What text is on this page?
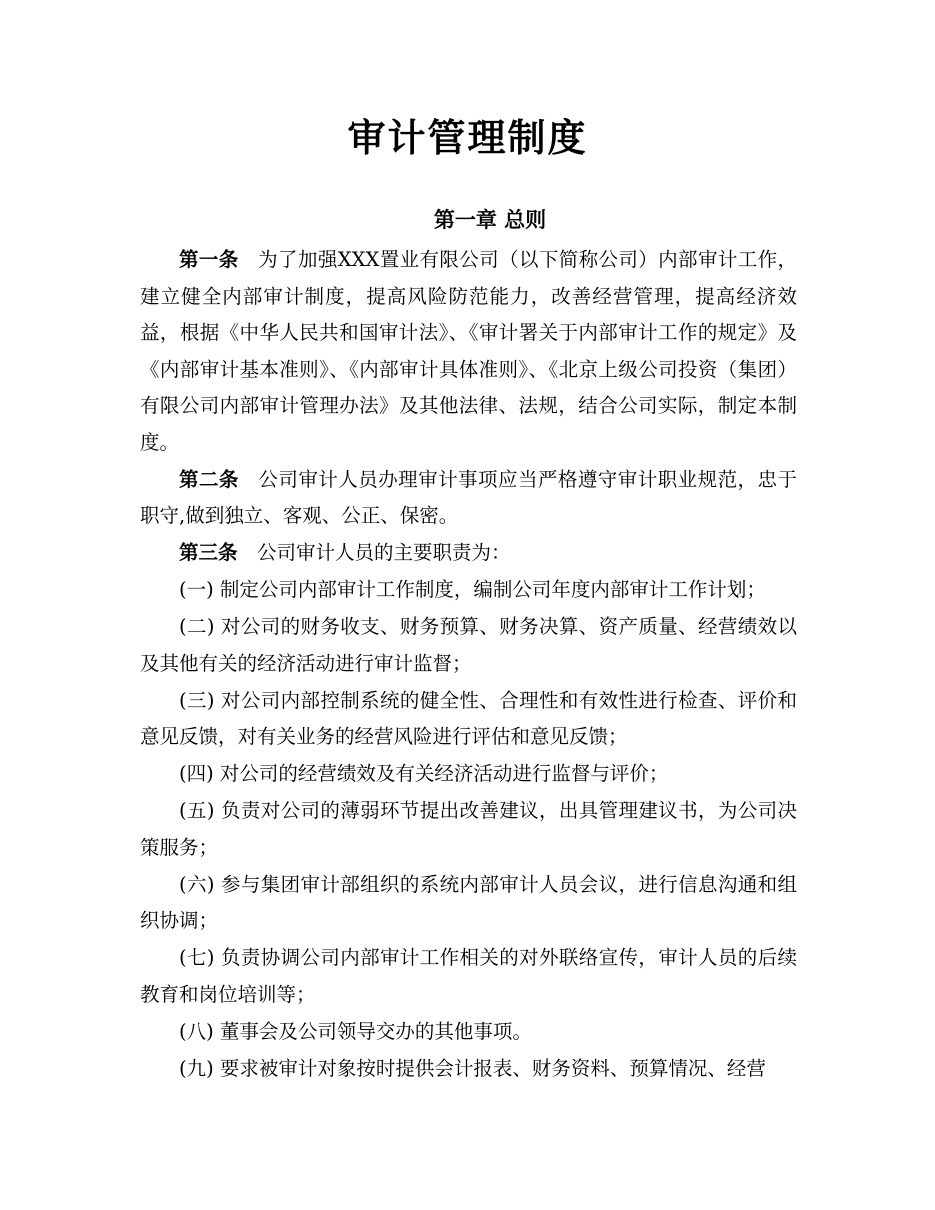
审计管理制度
第一章 总则

第一条 为了加强XXX置业有限公司（以下简称公司）内部审计工作，建立健全内部审计制度，提高风险防范能力，改善经营管理，提高经济效益，根据《中华人民共和国审计法》、《审计署关于内部审计工作的规定》及《内部审计基本准则》、《内部审计具体准则》、《北京上级公司投资（集团）有限公司内部审计管理办法》及其他法律、法规，结合公司实际，制定本制度。

第二条 公司审计人员办理审计事项应当严格遵守审计职业规范，忠于职守,做到独立、客观、公正、保密。

第三条 公司审计人员的主要职责为：

(一) 制定公司内部审计工作制度，编制公司年度内部审计工作计划；

(二) 对公司的财务收支、财务预算、财务决算、资产质量、经营绩效以及其他有关的经济活动进行审计监督；

(三) 对公司内部控制系统的健全性、合理性和有效性进行检查、评价和意见反馈，对有关业务的经营风险进行评估和意见反馈；

(四) 对公司的经营绩效及有关经济活动进行监督与评价；

(五) 负责对公司的薄弱环节提出改善建议，出具管理建议书，为公司决策服务；

(六) 参与集团审计部组织的系统内部审计人员会议，进行信息沟通和组织协调；

(七) 负责协调公司内部审计工作相关的对外联络宣传，审计人员的后续教育和岗位培训等；

(八) 董事会及公司领导交办的其他事项。

(九) 要求被审计对象按时提供会计报表、财务资料、预算情况、经营
